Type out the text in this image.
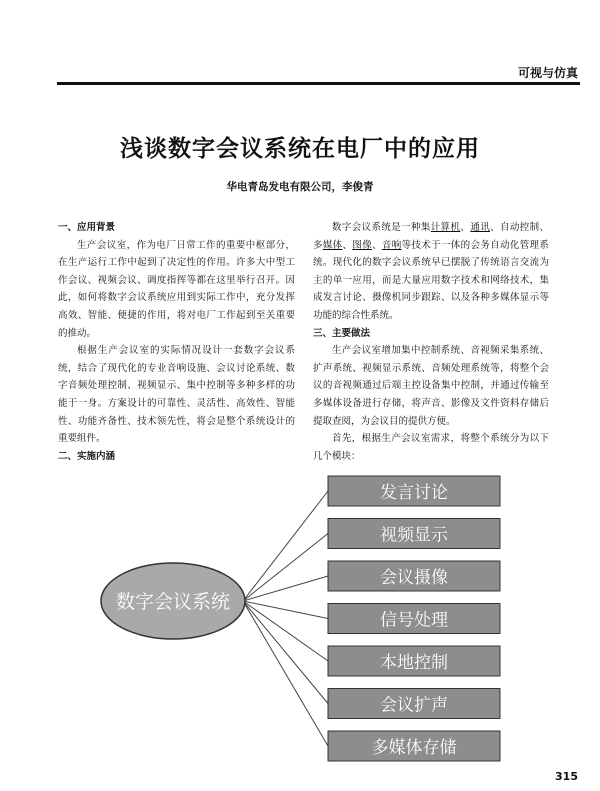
可视与仿真
浅谈数字会议系统在电厂中的应用
华电青岛发电有限公司，李俊青
一、应用背景

生产会议室，作为电厂日常工作的重要中枢部分，在生产运行工作中起到了决定性的作用。许多大中型工作会议、视频会议、调度指挥等都在这里举行召开。因此，如何将数字会议系统应用到实际工作中，充分发挥高效、智能、便捷的作用，将对电厂工作起到至关重要的推动。

根据生产会议室的实际情况设计一套数字会议系统，结合了现代化的专业音响设施、会议讨论系统、数字音频处理控制、视频显示、集中控制等多种多样的功能于一身。方案设计的可靠性、灵活性、高效性、智能性、功能齐备性、技术领先性，将会是整个系统设计的重要组件。

二、实施内涵

数字会议系统是一种集计算机、通讯、自动控制、多媒体、图像、音响等技术于一体的会务自动化管理系统。现代化的数字会议系统早已摆脱了传统语言交流为主的单一应用，而是大量应用数字技术和网络技术，集成发言讨论、摄像机同步跟踪、以及各种多媒体显示等功能的综合性系统。

三、主要做法

生产会议室增加集中控制系统、音视频采集系统、扩声系统、视频显示系统、音频处理系统等，将整个会议的音视频通过后端主控设备集中控制，并通过传输至多媒体设备进行存储，将声音、影像及文件资料存储后提取查阅，为会议目的提供方便。

首先，根据生产会议室需求，将整个系统分为以下几个模块：

数字会议系统
发言讨论
视频显示
会议摄像
信号处理
本地控制
会议扩声
多媒体存储
315
